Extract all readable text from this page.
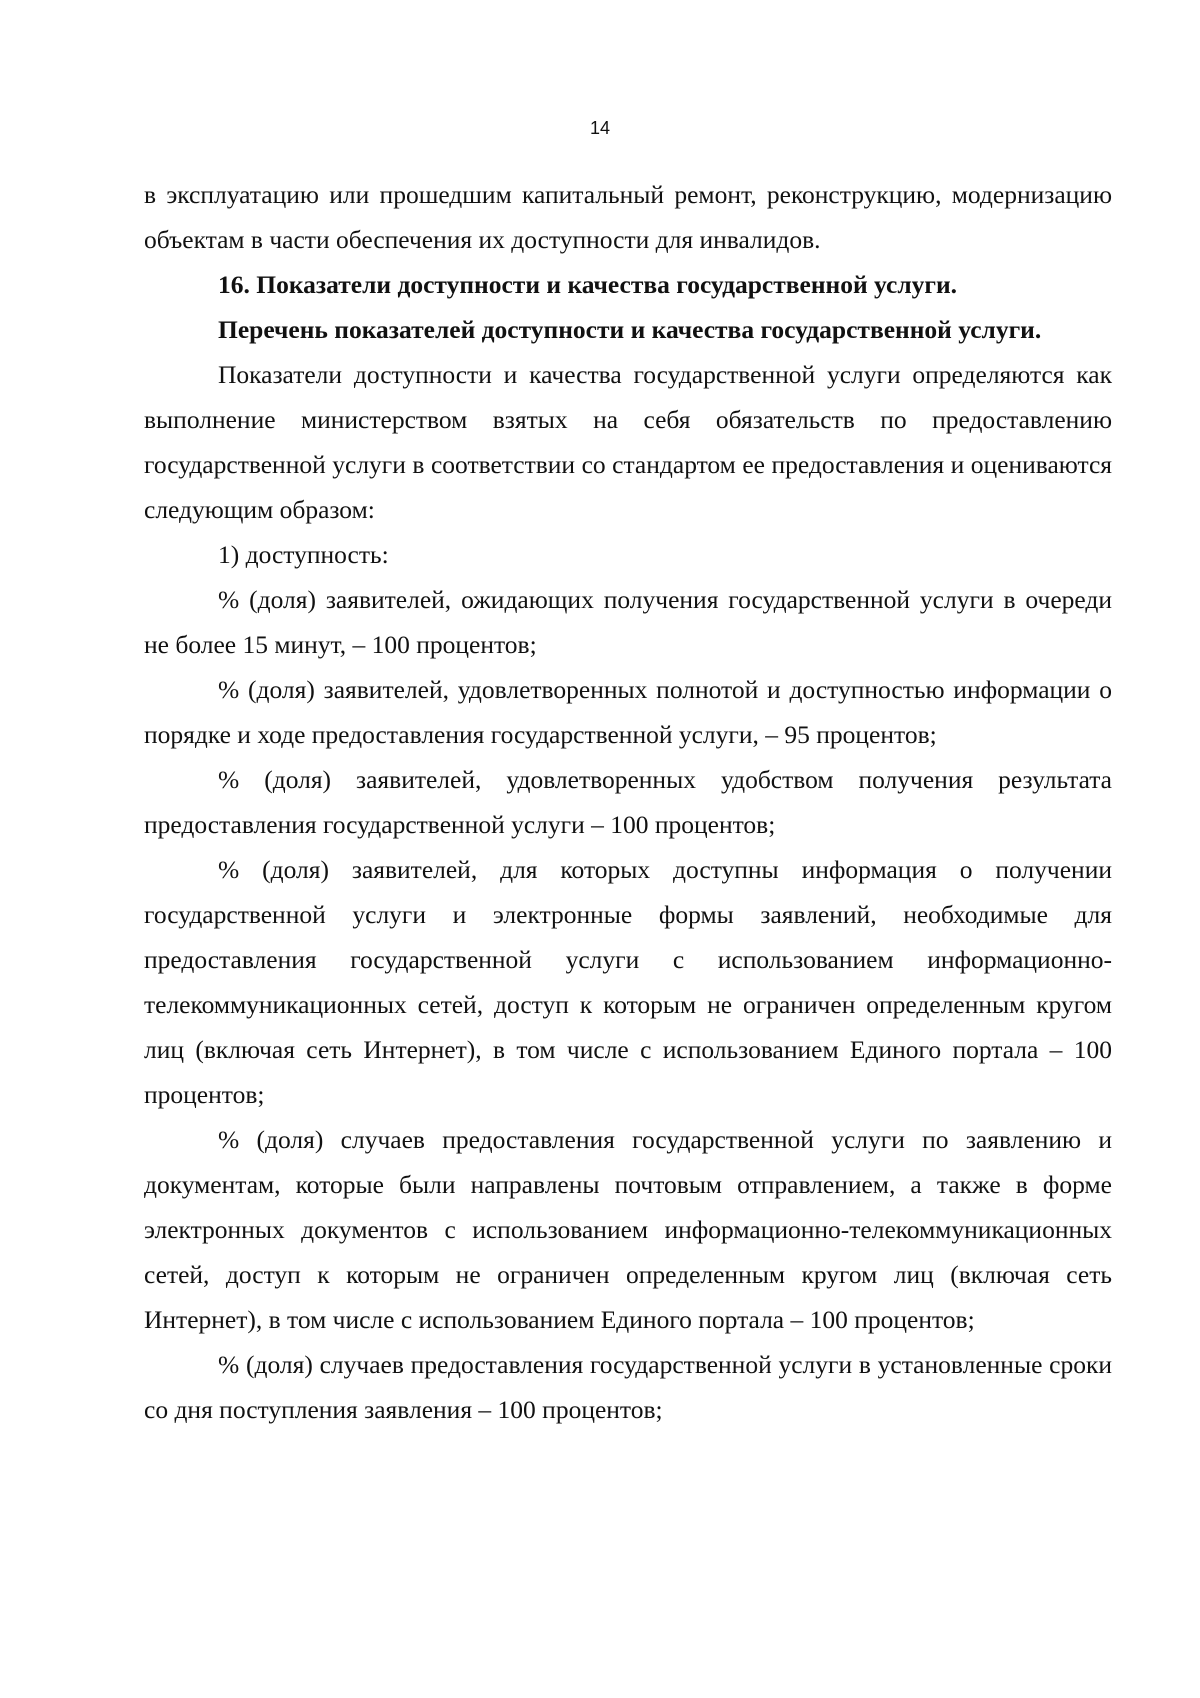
14

в эксплуатацию или прошедшим капитальный ремонт, реконструкцию, модернизацию объектам в части обеспечения их доступности для инвалидов.

16. Показатели доступности и качества государственной услуги.

Перечень показателей доступности и качества государственной услуги.

Показатели доступности и качества государственной услуги определяются как выполнение министерством взятых на себя обязательств по предоставлению государственной услуги в соответствии со стандартом ее предоставления и оцениваются следующим образом:

1) доступность:

% (доля) заявителей, ожидающих получения государственной услуги в очереди не более 15 минут, – 100 процентов;

% (доля) заявителей, удовлетворенных полнотой и доступностью информации о порядке и ходе предоставления государственной услуги, – 95 процентов;

% (доля) заявителей, удовлетворенных удобством получения результата предоставления государственной услуги – 100 процентов;

% (доля) заявителей, для которых доступны информация о получении государственной услуги и электронные формы заявлений, необходимые для предоставления государственной услуги с использованием информационно-телекоммуникационных сетей, доступ к которым не ограничен определенным кругом лиц (включая сеть Интернет), в том числе с использованием Единого портала – 100 процентов;

% (доля) случаев предоставления государственной услуги по заявлению и документам, которые были направлены почтовым отправлением, а также в форме электронных документов с использованием информационно-телекоммуникационных сетей, доступ к которым не ограничен определенным кругом лиц (включая сеть Интернет), в том числе с использованием Единого портала – 100 процентов;

% (доля) случаев предоставления государственной услуги в установленные сроки со дня поступления заявления – 100 процентов;
